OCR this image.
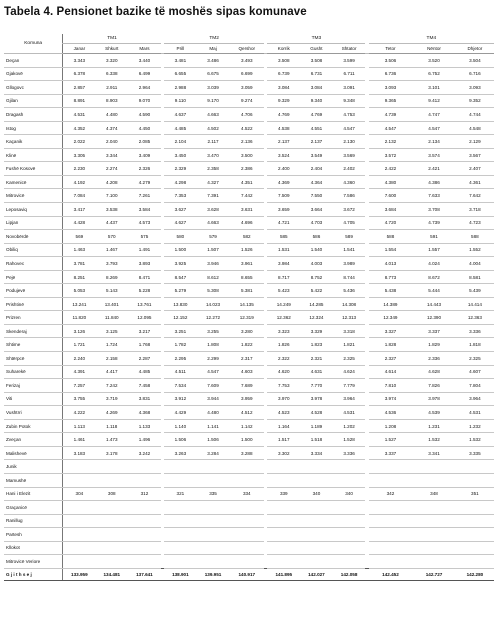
Tabela 4. Pensionet bazike të moshës sipas komunave
Komuna	TM1				TM2				TM3				TM4		
	Janar	Shkurt	Mars		Prill	Maj	Qershor		Korrik	Gusht	Shtator		Tetor	Nëntor	Dhjetor
Deçan	3.343	3.320	3.440		3.481	3.486	3.493		3.508	3.508	3.599		3.506	3.520	3.504
Gjakovë	6.378	6.338	6.499		6.655	6.675	6.699		6.739	6.731	6.711		6.736	6.752	6.716
Gllogovc	2.857	2.911	2.964		2.988	3.039	3.059		3.084	3.084	3.091		3.093	3.101	3.093
Gjilan	8.891	8.903	9.070		9.110	9.170	9.274		9.329	9.340	9.348		9.365	9.412	9.352
Dragash	4.531	4.480	4.590		4.637	4.663	4.706		4.769	4.769	4.753		4.739	4.747	4.744
Istog	4.352	4.374	4.450		4.485	4.502	4.522		4.538	4.551	4.547		4.547	4.547	4.548
Kaçanik	2.022	2.040	2.085		2.104	2.117	2.136		2.137	2.137	2.130		2.132	2.134	2.129
Klinë	3.305	3.344	3.409		3.450	3.470	3.500		3.524	3.549	3.569		3.572	3.574	3.567
Fushë Kosovë	2.230	2.274	2.326		2.329	2.358	2.386		2.400	2.404	2.402		2.422	2.421	2.407
Kamenicë	4.192	4.208	4.279		4.298	4.327	4.351		4.369	4.364	4.360		4.380	4.386	4.361
Mitrovicë	7.084	7.100	7.261		7.353	7.391	7.442		7.509	7.550	7.586		7.600	7.633	7.642
Leposaviq	3.417	3.538	3.584		3.627	3.628	3.631		3.659	3.664	3.672		3.684	3.708	3.718
Lipjan	4.428	4.437	4.573		4.627	4.663	4.696		4.721	4.703	4.705		4.720	4.739	4.723
Novobërdë	569	570	575		580	579	582		585	586	589		588	591	588
Obiliq	1.463	1.467	1.491		1.500	1.507	1.526		1.531	1.540	1.541		1.554	1.557	1.552
Rahovec	3.781	3.793	3.893		3.925	3.946	3.961		3.984	4.003	3.989		4.013	4.024	4.004
Pejë	8.251	8.269	8.471		8.547	8.612	8.655		8.717	8.752	8.744		8.773	8.672	8.581
Podujevë	5.053	5.143	5.228		5.279	5.308	5.381		5.423	5.422	5.436		5.438	5.444	5.439
Prishtinë	13.241	13.401	13.761		13.830	14.023	14.135		14.249	14.285	14.308		14.389	14.443	14.414
Prizren	11.820	11.840	12.095		12.152	12.272	12.319		12.362	12.324	12.313		12.349	12.390	12.363
Skenderaj	3.126	3.125	3.217		3.251	3.255	3.280		3.323	3.329	3.318		3.327	3.337	3.336
Shtime	1.721	1.724	1.768		1.782	1.808	1.822		1.826	1.823	1.821		1.828	1.829	1.818
Shtërpcë	2.240	2.158	2.287		2.295	2.299	2.317		2.322	2.321	2.325		2.327	2.336	2.325
Suharekë	4.391	4.417	4.485		4.511	4.547	4.603		4.620	4.631	4.624		4.614	4.628	4.607
Ferizaj	7.257	7.242	7.458		7.534	7.609	7.689		7.753	7.770	7.779		7.810	7.826	7.804
Viti	3.755	3.719	3.831		3.912	3.944	3.959		3.970	3.978	3.964		3.974	3.978	3.964
Vushtrri	4.222	4.269	4.368		4.429	4.480	4.512		4.523	4.528	4.531		4.536	4.539	4.531
Zubin Potok	1.113	1.118	1.133		1.140	1.141	1.142		1.164	1.189	1.202		1.208	1.231	1.232
Zveçan	1.461	1.473	1.496		1.506	1.506	1.500		1.517	1.518	1.528		1.527	1.532	1.532
Malishevë	3.183	3.178	3.242		3.263	3.284	3.288		3.302	3.334	3.336		3.337	3.341	3.335
Junik															
Mamushë															
Hani i Elezit	304	308	312		321	335	334		339	340	340		342	348	351
Graçanicë															
Ranillug															
Partesh															
Kllokot															
Mitrovicë Veriore															
G j i t h s e j	133.959	134.481	137.641		138.901	139.951	140.917		141.895	142.027	142.058		142.452	142.727	142.280
